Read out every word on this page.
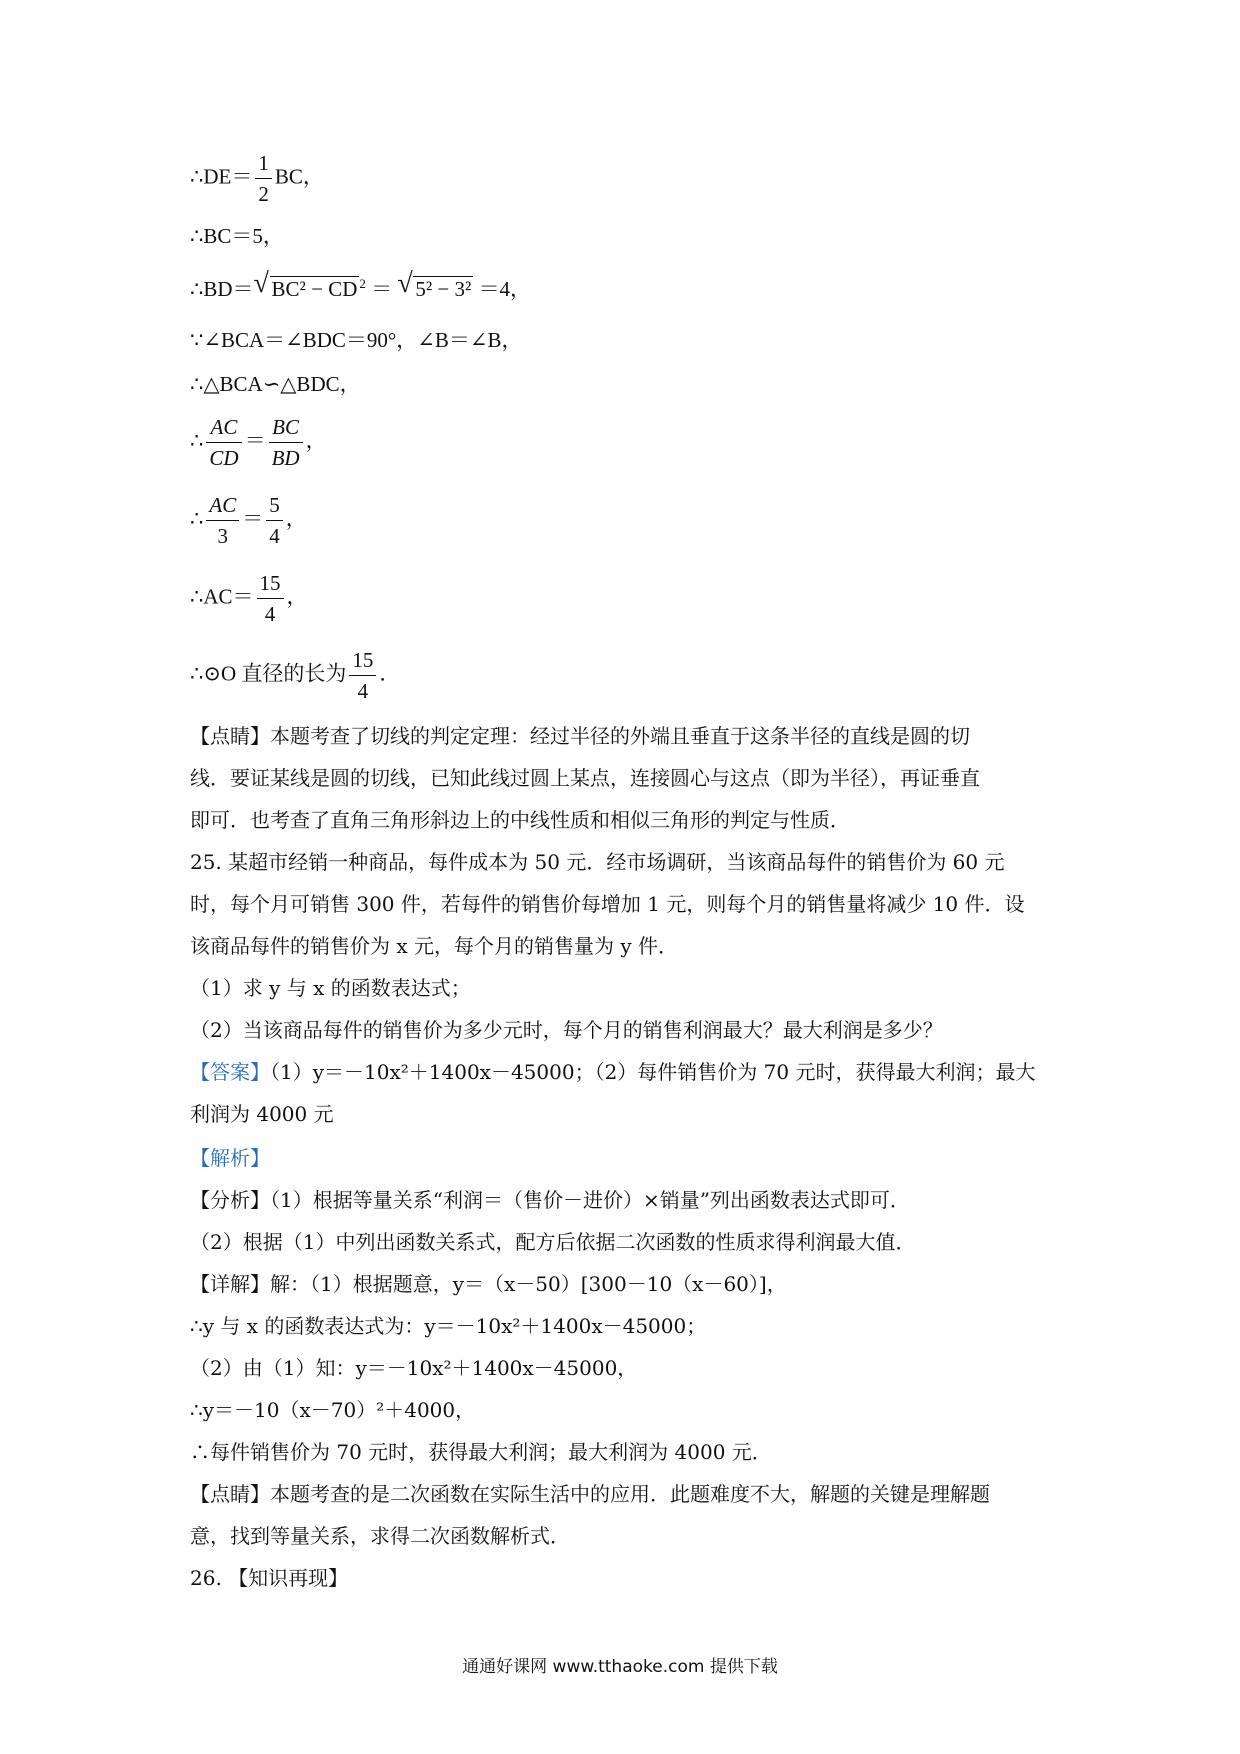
∴DE＝ $\frac{1}{2}$ BC，
∴BC＝5，
∴BD＝ √ BC² − CD $^2$ ＝ √ 5² − 3² ＝4，
∵∠BCA＝∠BDC＝90°，∠B＝∠B，
∴△BCA∽△BDC，
∴ $\frac{AC}{CD} = \frac{BC}{BD}$ ，
∴ $\frac{AC}{3} = \frac{5}{4}$ ，
∴AC＝ $\frac{15}{4}$ ，
∴⊙O 直径的长为 $\frac{15}{4}$ ．
【点睛】本题考查了切线的判定定理：经过半径的外端且垂直于这条半径的直线是圆的切
线．要证某线是圆的切线，已知此线过圆上某点，连接圆心与这点（即为半径），再证垂直
即可．也考查了直角三角形斜边上的中线性质和相似三角形的判定与性质．
25. 某超市经销一种商品，每件成本为 50 元．经市场调研，当该商品每件的销售价为 60 元
时，每个月可销售 300 件，若每件的销售价每增加 1 元，则每个月的销售量将减少 10 件．设
该商品每件的销售价为 x 元，每个月的销售量为 y 件．
（1）求 y 与 x 的函数表达式；
（2）当该商品每件的销售价为多少元时，每个月的销售利润最大？最大利润是多少？
【答案】（1）y＝－10x²＋1400x－45000；（2）每件销售价为 70 元时，获得最大利润；最大
利润为 4000 元
【解析】
【分析】（1）根据等量关系“利润＝（售价－进价）×销量”列出函数表达式即可．
（2）根据（1）中列出函数关系式，配方后依据二次函数的性质求得利润最大值．
【详解】解：（1）根据题意，y＝（x－50）[300－10（x－60）]，
∴y 与 x 的函数表达式为：y＝－10x²＋1400x－45000；
（2）由（1）知：y＝－10x²＋1400x－45000，
∴y＝－10（x－70）²＋4000，
∴每件销售价为 70 元时，获得最大利润；最大利润为 4000 元．
【点睛】本题考查的是二次函数在实际生活中的应用．此题难度不大，解题的关键是理解题
意，找到等量关系，求得二次函数解析式．
26. 【知识再现】
通通好课网 www.tthaoke.com 提供下载
